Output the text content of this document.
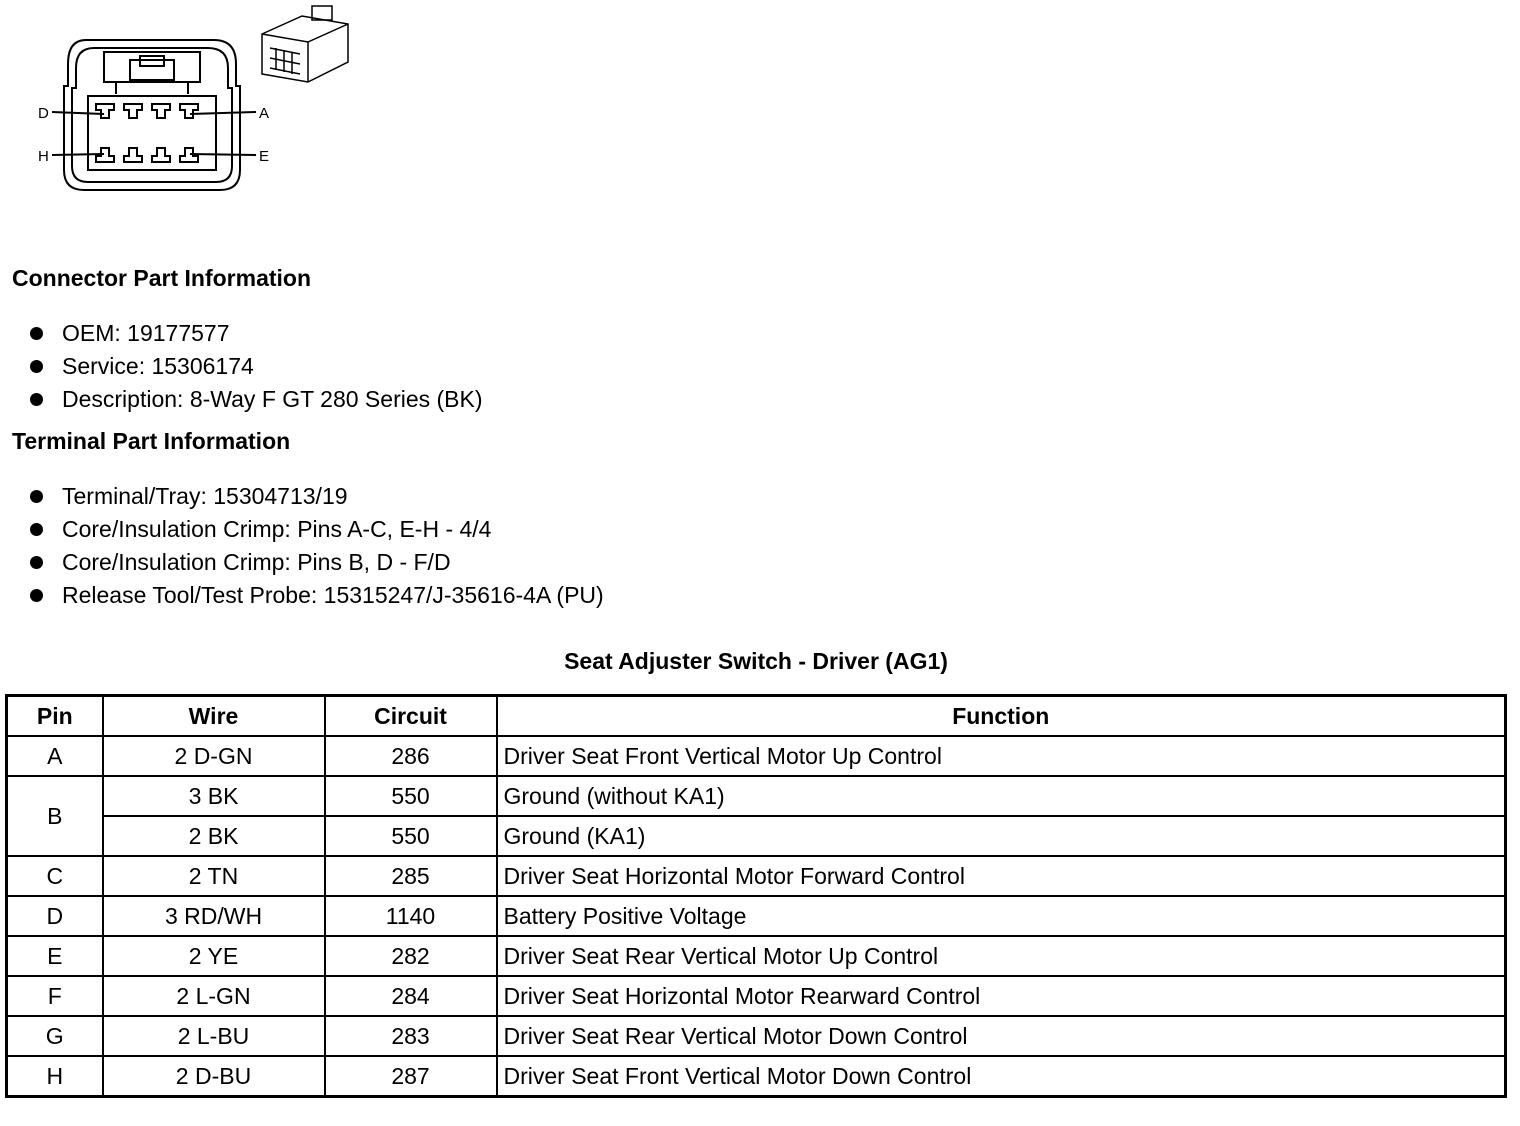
D	A
H	E
Connector Part Information
OEM: 19177577
Service: 15306174
Description: 8-Way F GT 280 Series (BK)
Terminal Part Information
Terminal/Tray: 15304713/19
Core/Insulation Crimp: Pins A-C, E-H - 4/4
Core/Insulation Crimp: Pins B, D - F/D
Release Tool/Test Probe: 15315247/J-35616-4A (PU)
Seat Adjuster Switch - Driver (AG1)
Pin	Wire	Circuit	Function
A	2 D-GN	286	Driver Seat Front Vertical Motor Up Control
B	3 BK	550	Ground (without KA1)
	2 BK	550	Ground (KA1)
C	2 TN	285	Driver Seat Horizontal Motor Forward Control
D	3 RD/WH	1140	Battery Positive Voltage
E	2 YE	282	Driver Seat Rear Vertical Motor Up Control
F	2 L-GN	284	Driver Seat Horizontal Motor Rearward Control
G	2 L-BU	283	Driver Seat Rear Vertical Motor Down Control
H	2 D-BU	287	Driver Seat Front Vertical Motor Down Control
